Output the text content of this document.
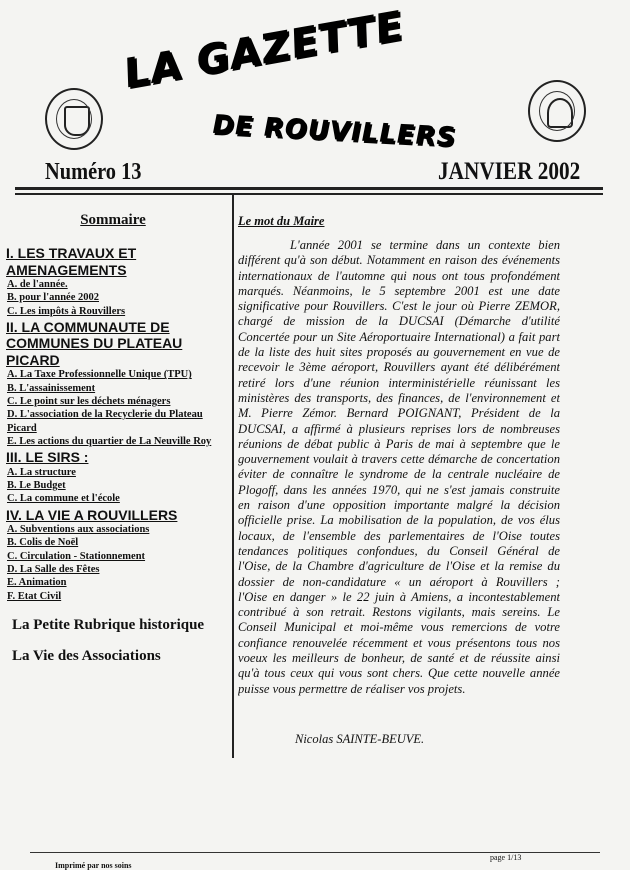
LA GAZETTE
DE ROUVILLERS
Numéro 13	JANVIER 2002
Sommaire
I. LES TRAVAUX ET AMENAGEMENTS
A. de l'année.
B. pour l'année 2002
C. Les impôts à Rouvillers
II. LA COMMUNAUTE DE COMMUNES DU PLATEAU PICARD
A. La Taxe Professionnelle Unique (TPU)
B. L'assainissement
C. Le point sur les déchets ménagers
D. L'association de la Recyclerie du Plateau Picard
E. Les actions du quartier de La Neuville Roy
III. LE SIRS :
A. La structure
B. Le Budget
C. La commune et l'école
IV. LA VIE A ROUVILLERS
A. Subventions aux associations
B. Colis de Noël
C. Circulation - Stationnement
D. La Salle des Fêtes
E. Animation
F. Etat Civil
La Petite Rubrique historique
La Vie des Associations
Le mot du Maire
L'année 2001 se termine dans un contexte bien
différent qu'à son début. Notamment en raison des événements
internationaux de l'automne qui nous ont tous profondément
marqués. Néanmoins, le 5 septembre 2001 est une date
significative pour Rouvillers. C'est le jour où Pierre ZEMOR,
chargé de mission de la DUCSAI (Démarche d'utilité
Concertée pour un Site Aéroportuaire International) a fait part
de la liste des huit sites proposés au gouvernement en vue de
recevoir le 3ème aéroport, Rouvillers ayant été délibérément
retiré lors d'une réunion interministérielle réunissant les
ministères des transports, des finances, de l'environnement et
M. Pierre Zémor. Bernard POIGNANT, Président de la
DUCSAI, a affirmé à plusieurs reprises lors de nombreuses
réunions de débat public à Paris de mai à septembre que le
gouvernement voulait à travers cette démarche de concertation
éviter de connaître le syndrome de la centrale nucléaire de
Plogoff, dans les années 1970, qui ne s'est jamais construite
en raison d'une opposition importante malgré la décision
officielle prise. La mobilisation de la population, de vos élus
locaux, de l'ensemble des parlementaires de l'Oise toutes
tendances politiques confondues, du Conseil Général de
l'Oise, de la Chambre d'agriculture de l'Oise et la remise du
dossier de non-candidature « un aéroport à Rouvillers ;
l'Oise en danger » le 22 juin à Amiens, a incontestablement
contribué à son retrait. Restons vigilants, mais sereins. Le
Conseil Municipal et moi-même vous remercions de votre
confiance renouvelée récemment et vous présentons tous nos
voeux les meilleurs de bonheur, de santé et de réussite ainsi
qu'à tous ceux qui vous sont chers. Que cette nouvelle année
puisse vous permettre de réaliser vos projets.
Nicolas SAINTE-BEUVE.
page 1/13
Imprimé par nos soins
